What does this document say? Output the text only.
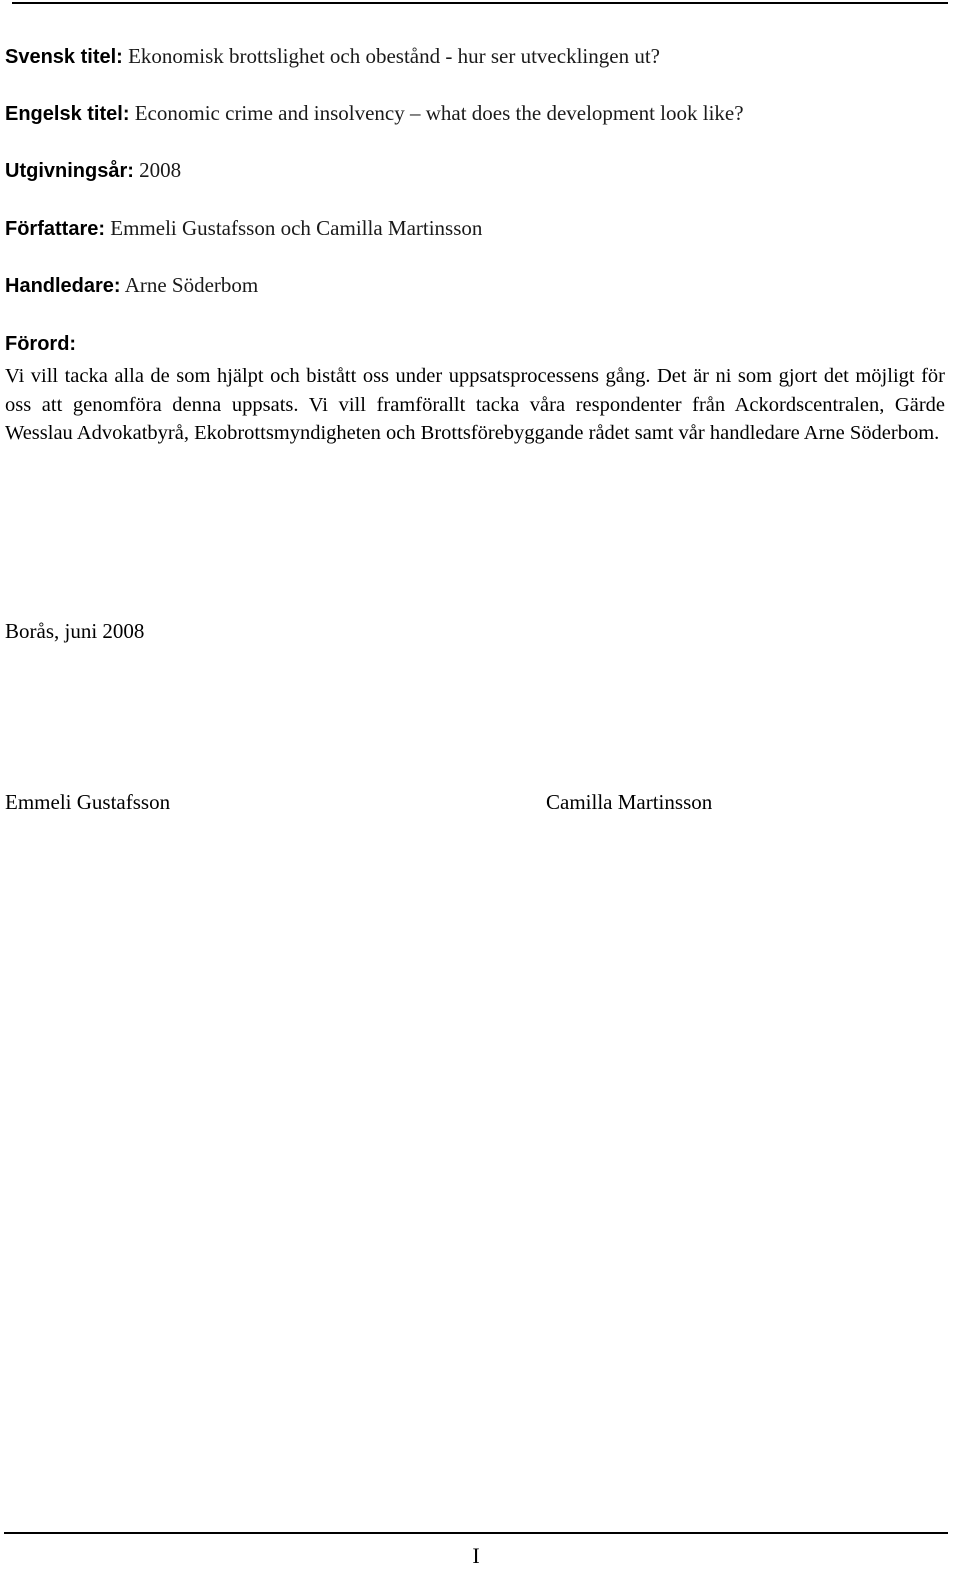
Svensk titel: Ekonomisk brottslighet och obestånd - hur ser utvecklingen ut?
Engelsk titel: Economic crime and insolvency – what does the development look like?
Utgivningsår: 2008
Författare: Emmeli Gustafsson och Camilla Martinsson
Handledare: Arne Söderbom
Förord:

Vi vill tacka alla de som hjälpt och bistått oss under uppsatsprocessens gång. Det är ni som gjort det möjligt för oss att genomföra denna uppsats. Vi vill framförallt tacka våra respondenter från Ackordscentralen, Gärde Wesslau Advokatbyrå, Ekobrottsmyndigheten och Brottsförebyggande rådet samt vår handledare Arne Söderbom.

Borås, juni 2008
Emmeli Gustafsson	Camilla Martinsson
I
